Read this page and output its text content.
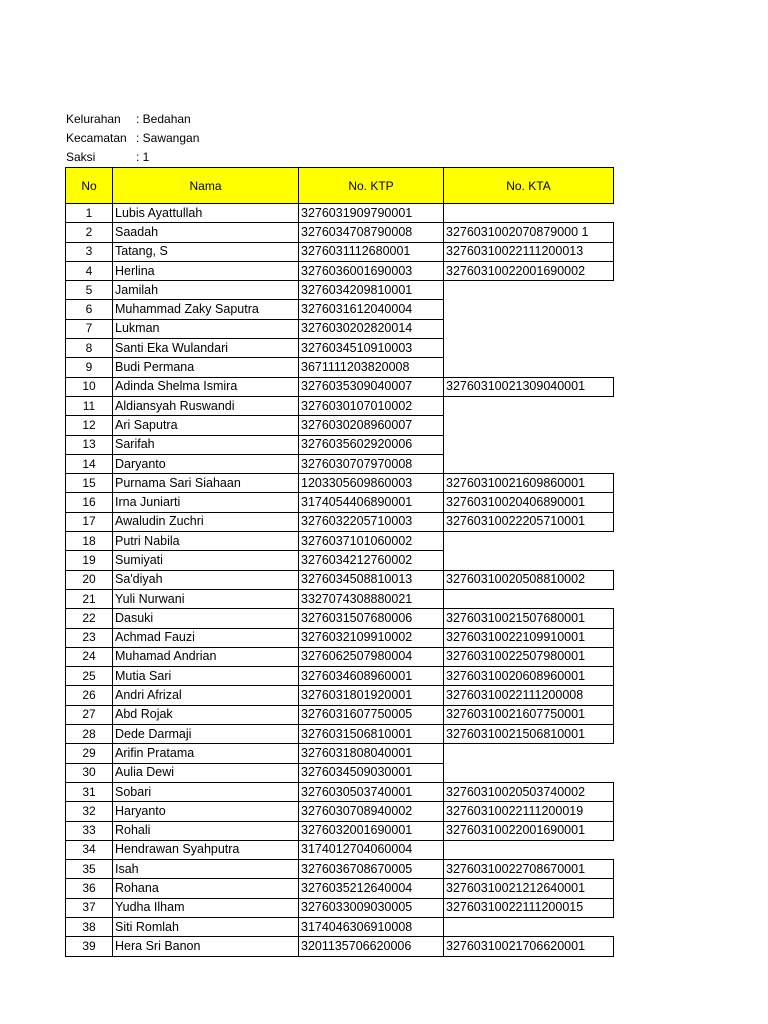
Kelurahan : Bedahan
Kecamatan : Sawangan
Saksi	: 1
No	Nama	No. KTP	No. KTA
1	Lubis Ayattullah	3276031909790001	
2	Saadah	3276034708790008	3276031002070879000 1
3	Tatang, S	3276031112680001	32760310022111200013
4	Herlina	3276036001690003	32760310022001690002
5	Jamilah	3276034209810001	
6	Muhammad Zaky Saputra	3276031612040004	
7	Lukman	3276030202820014	
8	Santi Eka Wulandari	3276034510910003	
9	Budi Permana	3671111203820008	
10	Adinda Shelma Ismira	3276035309040007	32760310021309040001
11	Aldiansyah Ruswandi	3276030107010002	
12	Ari Saputra	3276030208960007	
13	Sarifah	3276035602920006	
14	Daryanto	3276030707970008	
15	Purnama Sari Siahaan	1203305609860003	32760310021609860001
16	Irna Juniarti	3174054406890001	32760310020406890001
17	Awaludin Zuchri	3276032205710003	32760310022205710001
18	Putri Nabila	3276037101060002	
19	Sumiyati	3276034212760002	
20	Sa'diyah	3276034508810013	32760310020508810002
21	Yuli Nurwani	3327074308880021	
22	Dasuki	3276031507680006	32760310021507680001
23	Achmad Fauzi	3276032109910002	32760310022109910001
24	Muhamad Andrian	3276062507980004	32760310022507980001
25	Mutia Sari	3276034608960001	32760310020608960001
26	Andri Afrizal	3276031801920001	32760310022111200008
27	Abd Rojak	3276031607750005	32760310021607750001
28	Dede Darmaji	3276031506810001	32760310021506810001
29	Arifin Pratama	3276031808040001	
30	Aulia Dewi	3276034509030001	
31	Sobari	3276030503740001	32760310020503740002
32	Haryanto	3276030708940002	32760310022111200019
33	Rohali	3276032001690001	32760310022001690001
34	Hendrawan Syahputra	3174012704060004	
35	Isah	3276036708670005	32760310022708670001
36	Rohana	3276035212640004	32760310021212640001
37	Yudha Ilham	3276033009030005	32760310022111200015
38	Siti Romlah	3174046306910008	
39	Hera Sri Banon	3201135706620006	32760310021706620001
